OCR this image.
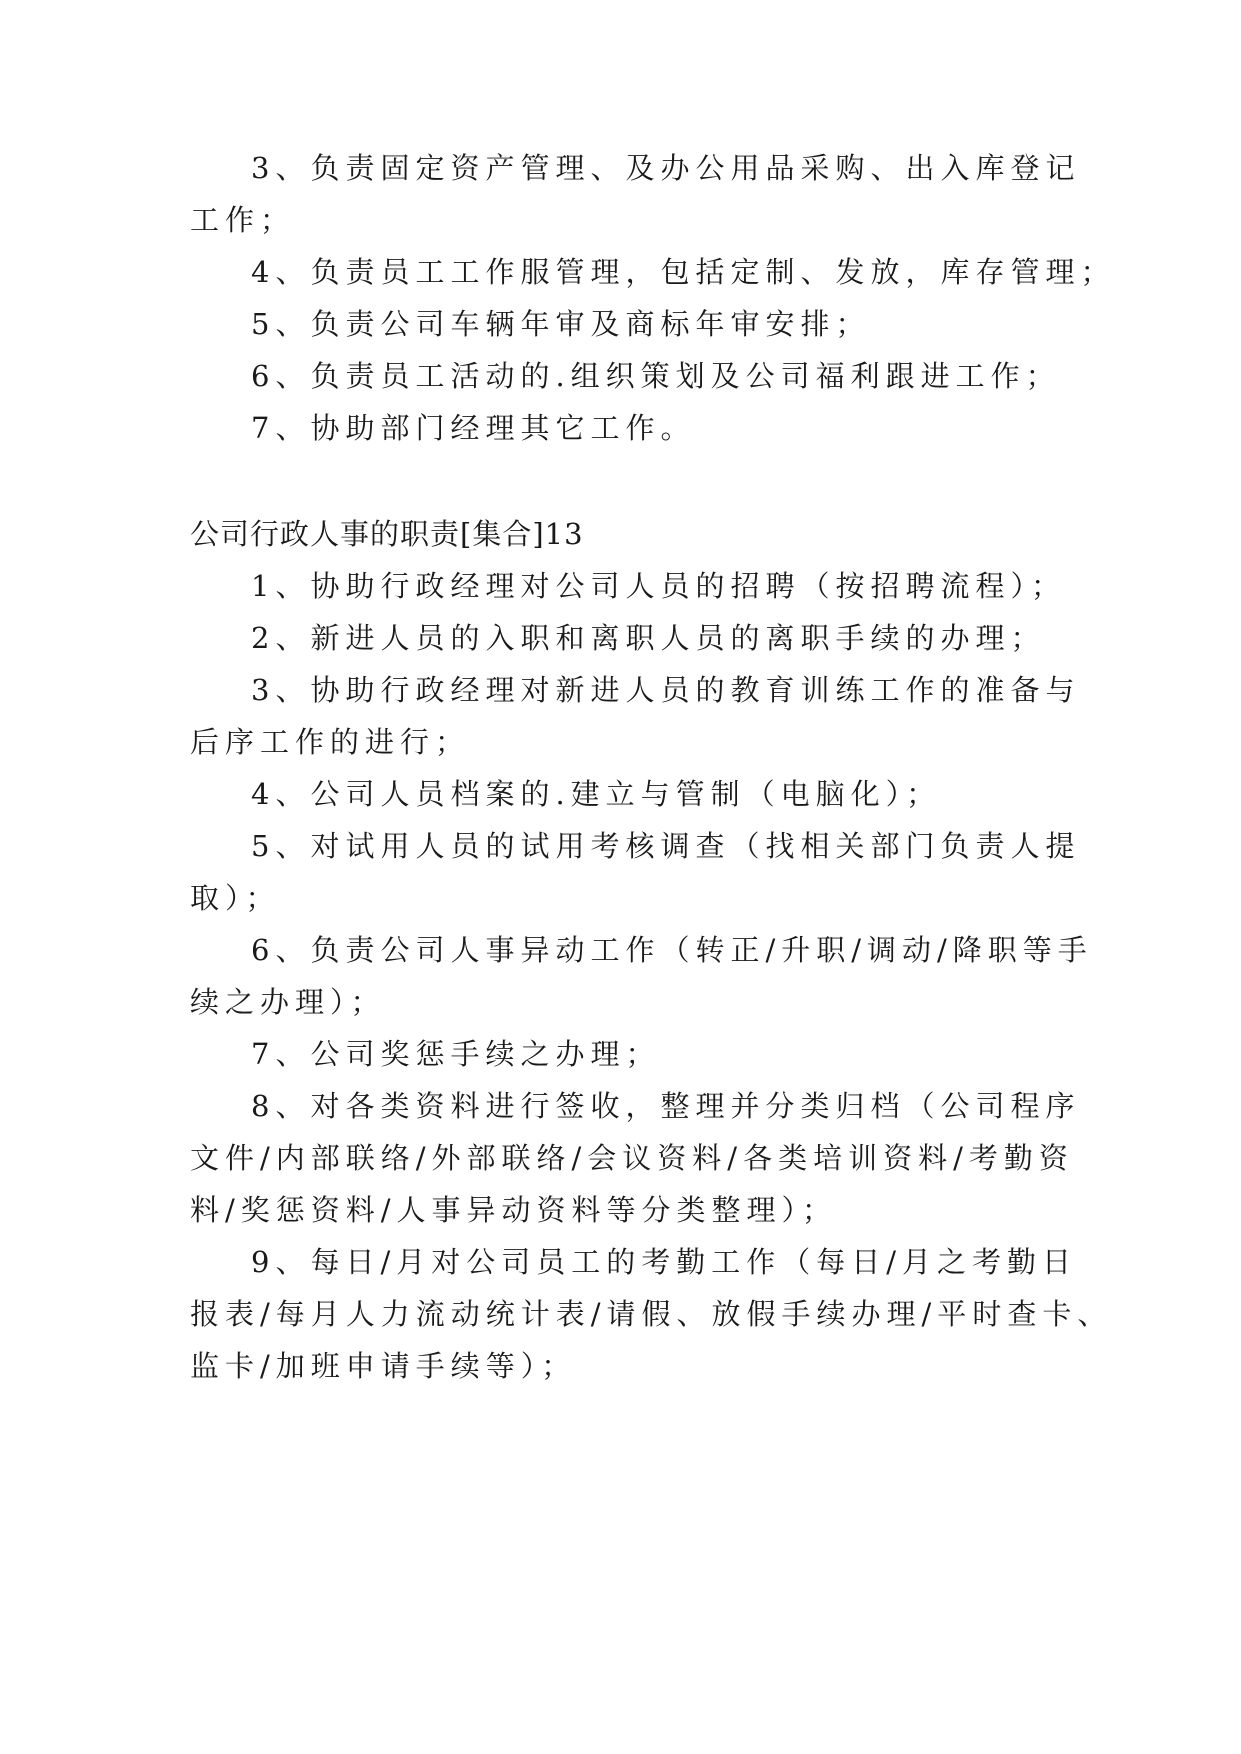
3、负责固定资产管理、及办公用品采购、出入库登记
工作；
4、负责员工工作服管理，包括定制、发放，库存管理；
5、负责公司车辆年审及商标年审安排；
6、负责员工活动的.组织策划及公司福利跟进工作；
7、协助部门经理其它工作。
公司行政人事的职责[集合]13
1、协助行政经理对公司人员的招聘（按招聘流程）；
2、新进人员的入职和离职人员的离职手续的办理；
3、协助行政经理对新进人员的教育训练工作的准备与
后序工作的进行；
4、公司人员档案的.建立与管制（电脑化）；
5、对试用人员的试用考核调查（找相关部门负责人提
取）；
6、负责公司人事异动工作（转正/升职/调动/降职等手
续之办理）；
7、公司奖惩手续之办理；
8、对各类资料进行签收，整理并分类归档（公司程序
文件/内部联络/外部联络/会议资料/各类培训资料/考勤资
料/奖惩资料/人事异动资料等分类整理）；
9、每日/月对公司员工的考勤工作（每日/月之考勤日
报表/每月人力流动统计表/请假、放假手续办理/平时查卡、
监卡/加班申请手续等）；
